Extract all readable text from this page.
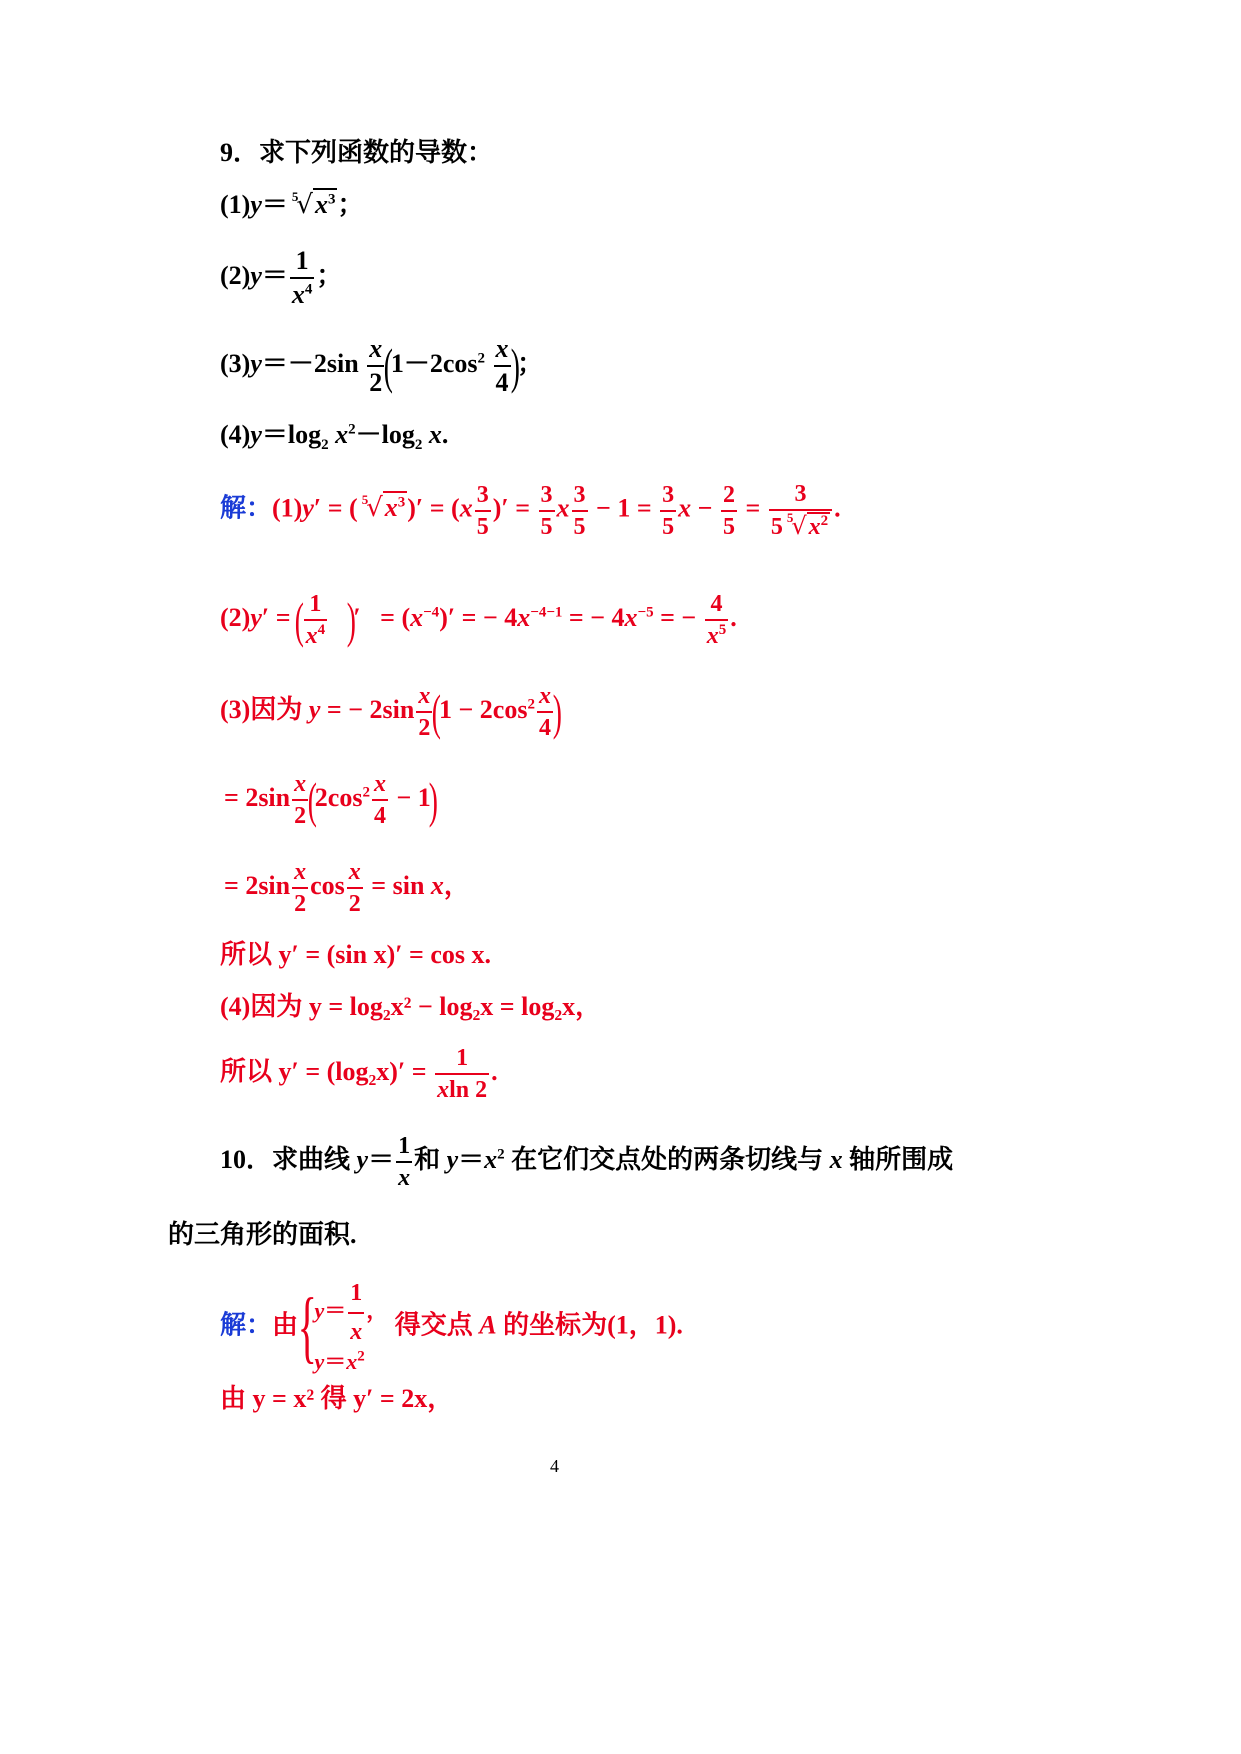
9．求下列函数的导数：
$(1)y= ^5√x^3$；
$(2)y= \frac{1}{x^4}$ ；
$(3)y=-2\sin \frac{x}{2} (1-2\cos^2 \frac{x}{4}$ )；
$(4)y=\log_2$ $x^2-\log_2$ x.
解：(1)y′ = ( $^5√x^3)' = (x \frac{3}{5}$ )′ = $\frac{3}{5}$ x $\frac{3}{5} - 1 = \frac{3}{5}$ $x - \frac{2}{5} = \frac{3}{5 ^5√x^2}$ .
(2)y′ = ( $\frac{1}{x^4}$ )′   = $(x^{-4})'$ = − $4x^{-4-1}$ = − $4x^{-5}$ = − $\frac{4}{x^5}$ .
(3)因为 y = − $2\sin \frac{x}{2} (1 - 2\cos^2 \frac{x}{4}$ )
= $2\sin \frac{x}{2} (2\cos^2 \frac{x}{4} - 1)$
= $2\sin \frac{x}{2}$ $\cos \frac{x}{2} = \sin x$，
所以 y′ = (sin x)′ = cos x.
(4)因为 y = log₂x² − log₂x = log₂x，
所以 $y' = (\log_2x)' = \frac{1}{xln 2}$ .
10．求曲线 $y= \frac{1}{x}$ 和 $y=x^2$ 在它们交点处的两条切线与 x 轴所围成
的三角形的面积.
解：由{
$y= \frac{1}{x}$ ，
$y=x^2$
得交点 A 的坐标为(1，1).
由 y = x² 得 y′ = 2x，
4
